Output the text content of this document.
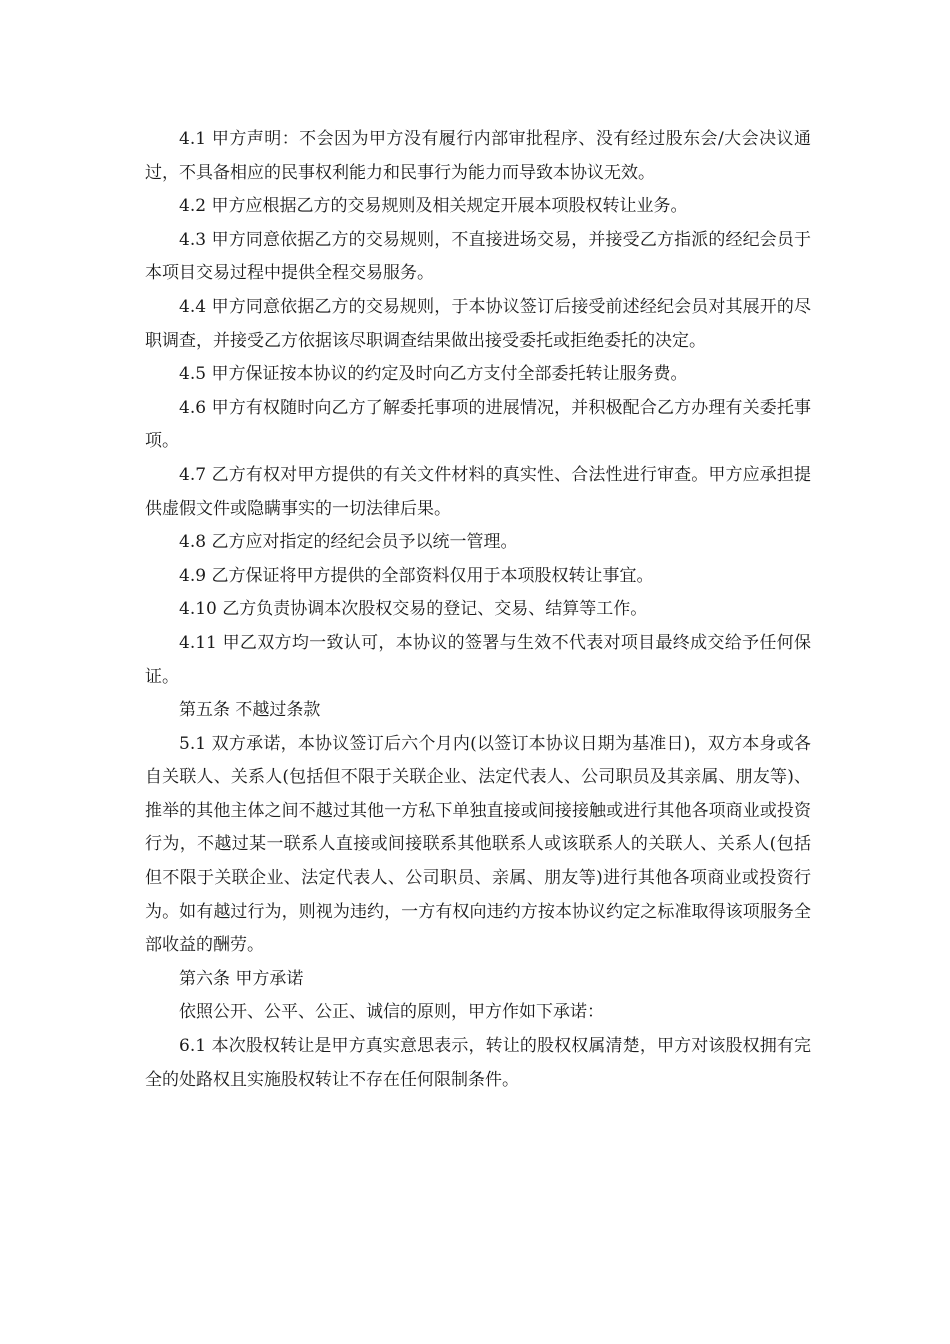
4.1 甲方声明：不会因为甲方没有履行内部审批程序、没有经过股东会/大会决议通过，不具备相应的民事权利能力和民事行为能力而导致本协议无效。

4.2 甲方应根据乙方的交易规则及相关规定开展本项股权转让业务。

4.3 甲方同意依据乙方的交易规则，不直接进场交易，并接受乙方指派的经纪会员于本项目交易过程中提供全程交易服务。

4.4 甲方同意依据乙方的交易规则，于本协议签订后接受前述经纪会员对其展开的尽职调查，并接受乙方依据该尽职调查结果做出接受委托或拒绝委托的决定。

4.5 甲方保证按本协议的约定及时向乙方支付全部委托转让服务费。

4.6 甲方有权随时向乙方了解委托事项的进展情况，并积极配合乙方办理有关委托事项。

4.7 乙方有权对甲方提供的有关文件材料的真实性、合法性进行审查。甲方应承担提供虚假文件或隐瞒事实的一切法律后果。

4.8 乙方应对指定的经纪会员予以统一管理。

4.9 乙方保证将甲方提供的全部资料仅用于本项股权转让事宜。

4.10 乙方负责协调本次股权交易的登记、交易、结算等工作。

4.11 甲乙双方均一致认可，本协议的签署与生效不代表对项目最终成交给予任何保证。

第五条 不越过条款

5.1 双方承诺，本协议签订后六个月内(以签订本协议日期为基准日)，双方本身或各自关联人、关系人(包括但不限于关联企业、法定代表人、公司职员及其亲属、朋友等)、推举的其他主体之间不越过其他一方私下单独直接或间接接触或进行其他各项商业或投资行为，不越过某一联系人直接或间接联系其他联系人或该联系人的关联人、关系人(包括但不限于关联企业、法定代表人、公司职员、亲属、朋友等)进行其他各项商业或投资行为。如有越过行为，则视为违约，一方有权向违约方按本协议约定之标准取得该项服务全部收益的酬劳。

第六条 甲方承诺

依照公开、公平、公正、诚信的原则，甲方作如下承诺：

6.1 本次股权转让是甲方真实意思表示，转让的股权权属清楚，甲方对该股权拥有完全的处路权且实施股权转让不存在任何限制条件。
